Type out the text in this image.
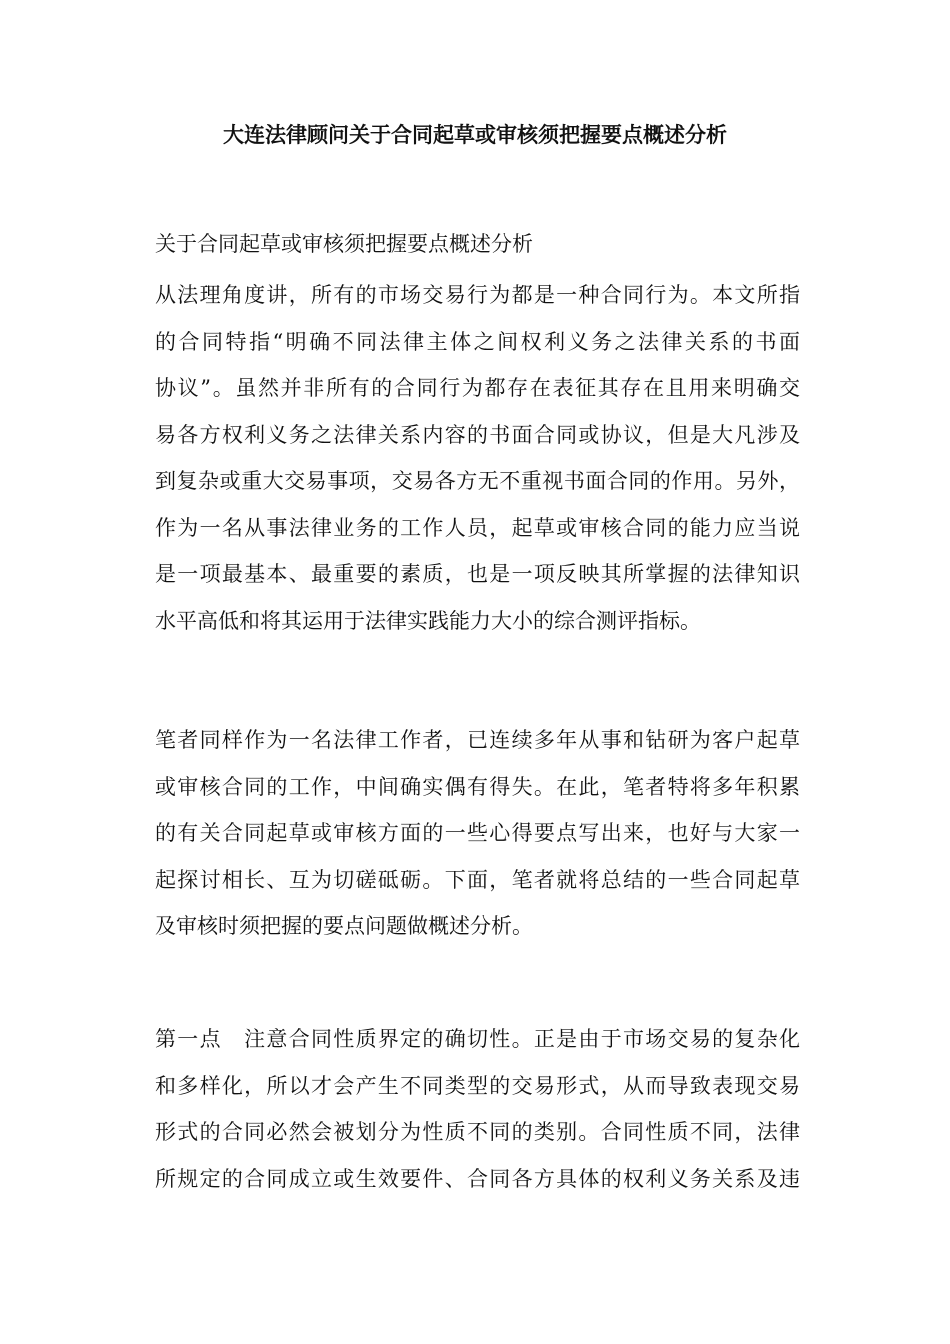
大连法律顾问关于合同起草或审核须把握要点概述分析

关于合同起草或审核须把握要点概述分析

从法理角度讲，所有的市场交易行为都是一种合同行为。本文所指
的合同特指“明确不同法律主体之间权利义务之法律关系的书面
协议”。虽然并非所有的合同行为都存在表征其存在且用来明确交
易各方权利义务之法律关系内容的书面合同或协议，但是大凡涉及
到复杂或重大交易事项，交易各方无不重视书面合同的作用。另外，
作为一名从事法律业务的工作人员，起草或审核合同的能力应当说
是一项最基本、最重要的素质，也是一项反映其所掌握的法律知识
水平高低和将其运用于法律实践能力大小的综合测评指标。
笔者同样作为一名法律工作者，已连续多年从事和钻研为客户起草
或审核合同的工作，中间确实偶有得失。在此，笔者特将多年积累
的有关合同起草或审核方面的一些心得要点写出来，也好与大家一
起探讨相长、互为切磋砥砺。下面，笔者就将总结的一些合同起草
及审核时须把握的要点问题做概述分析。
第一点　注意合同性质界定的确切性。正是由于市场交易的复杂化
和多样化，所以才会产生不同类型的交易形式，从而导致表现交易
形式的合同必然会被划分为性质不同的类别。合同性质不同，法律
所规定的合同成立或生效要件、合同各方具体的权利义务关系及违
